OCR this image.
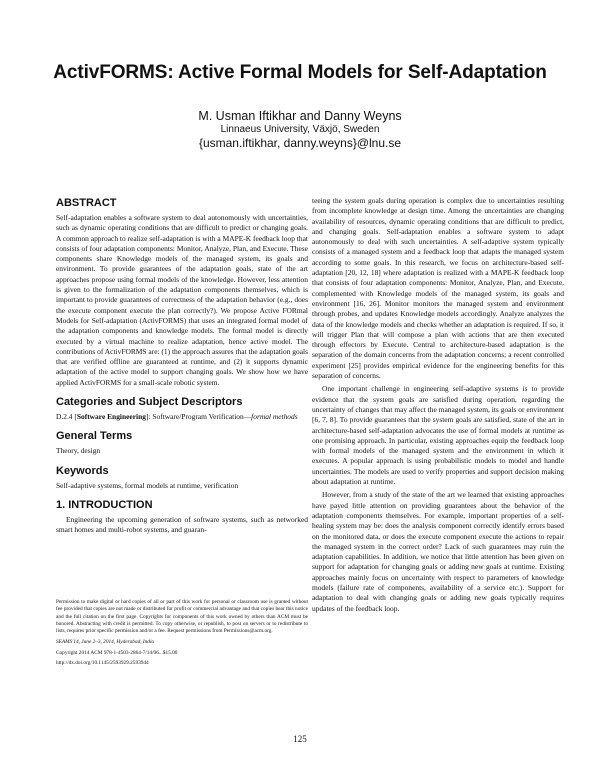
ActivFORMS: Active Formal Models for Self-Adaptation
M. Usman Iftikhar and Danny Weyns
Linnaeus University, Växjö, Sweden
{usman.iftikhar, danny.weyns}@lnu.se
ABSTRACT

Self-adaptation enables a software system to deal autonomously with uncertainties, such as dynamic operating conditions that are difficult to predict or changing goals. A common approach to realize self-adaptation is with a MAPE-K feedback loop that consists of four adaptation components: Monitor, Analyze, Plan, and Execute. These components share Knowledge models of the managed system, its goals and environment. To provide guarantees of the adaptation goals, state of the art approaches propose using formal models of the knowledge. However, less attention is given to the formalization of the adaptation components themselves, which is important to provide guarantees of correctness of the adaptation behavior (e.g., does the execute component execute the plan correctly?). We propose Active FORmal Models for Self-adaptation (ActivFORMS) that uses an integrated formal model of the adaptation components and knowledge models. The formal model is directly executed by a virtual machine to realize adaptation, hence active model. The contributions of ActivFORMS are: (1) the approach assures that the adaptation goals that are verified offline are guaranteed at runtime, and (2) it supports dynamic adaptation of the active model to support changing goals. We show how we have applied ActivFORMS for a small-scale robotic system.

Categories and Subject Descriptors

D.2.4 [Software Engineering]: Software/Program Verification—formal methods

General Terms

Theory, design

Keywords

Self-adaptive systems, formal models at runtime, verification

1. INTRODUCTION

Engineering the upcoming generation of software systems, such as networked smart homes and multi-robot systems, and guaran-

Permission to make digital or hard copies of all or part of this work for personal or classroom use is granted without fee provided that copies are not made or distributed for profit or commercial advantage and that copies bear this notice and the full citation on the first page. Copyrights for components of this work owned by others than ACM must be honored. Abstracting with credit is permitted. To copy otherwise, or republish, to post on servers or to redistribute to lists, requires prior specific permission and/or a fee. Request permissions from Permissions@acm.org.

SEAMS'14, June 2–3, 2014, Hyderabad, India

Copyright 2014 ACM 978-1-4503-2864-7/14/06...$15.00

http://dx.doi.org/10.1145/2593929.2593944

teeing the system goals during operation is complex due to uncertainties resulting from incomplete knowledge at design time. Among the uncertainties are changing availability of resources, dynamic operating conditions that are difficult to predict, and changing goals. Self-adaptation enables a software system to adapt autonomously to deal with such uncertainties. A self-adaptive system typically consists of a managed system and a feedback loop that adapts the managed system according to some goals. In this research, we focus on architecture-based self-adaptation [20, 12, 18] where adaptation is realized with a MAPE-K feedback loop that consists of four adaptation components: Monitor, Analyze, Plan, and Execute, complemented with Knowledge models of the managed system, its goals and environment [16, 26]. Monitor monitors the managed system and environment through probes, and updates Knowledge models accordingly. Analyze analyzes the data of the knowledge models and checks whether an adaptation is required. If so, it will trigger Plan that will compose a plan with actions that are then executed through effectors by Execute. Central to architecture-based adaptation is the separation of the domain concerns from the adaptation concerns; a recent controlled experiment [25] provides empirical evidence for the engineering benefits for this separation of concerns.

One important challenge in engineering self-adaptive systems is to provide evidence that the system goals are satisfied during operation, regarding the uncertainty of changes that may affect the managed system, its goals or environment [6, 7, 8]. To provide guarantees that the system goals are satisfied, state of the art in architecture-based self-adaptation advocates the use of formal models at runtime as one promising approach. In particular, existing approaches equip the feedback loop with formal models of the managed system and the environment in which it executes. A popular approach is using probabilistic models to model and handle uncertainties. The models are used to verify properties and support decision making about adaptation at runtime.

However, from a study of the state of the art we learned that existing approaches have payed little attention on providing guarantees about the behavior of the adaptation components themselves. For example, important properties of a self-healing system may be: does the analysis component correctly identify errors based on the monitored data, or does the execute component execute the actions to repair the managed system in the correct order? Lack of such guarantees may ruin the adaptation capabilities. In addition, we notice that little attention has been given on support for adaptation for changing goals or adding new goals at runtime. Existing approaches mainly focus on uncertainty with respect to parameters of knowledge models (failure rate of components, availability of a service etc.). Support for adaptation to deal with changing goals or adding new goals typically requires updates of the feedback loop.

125
